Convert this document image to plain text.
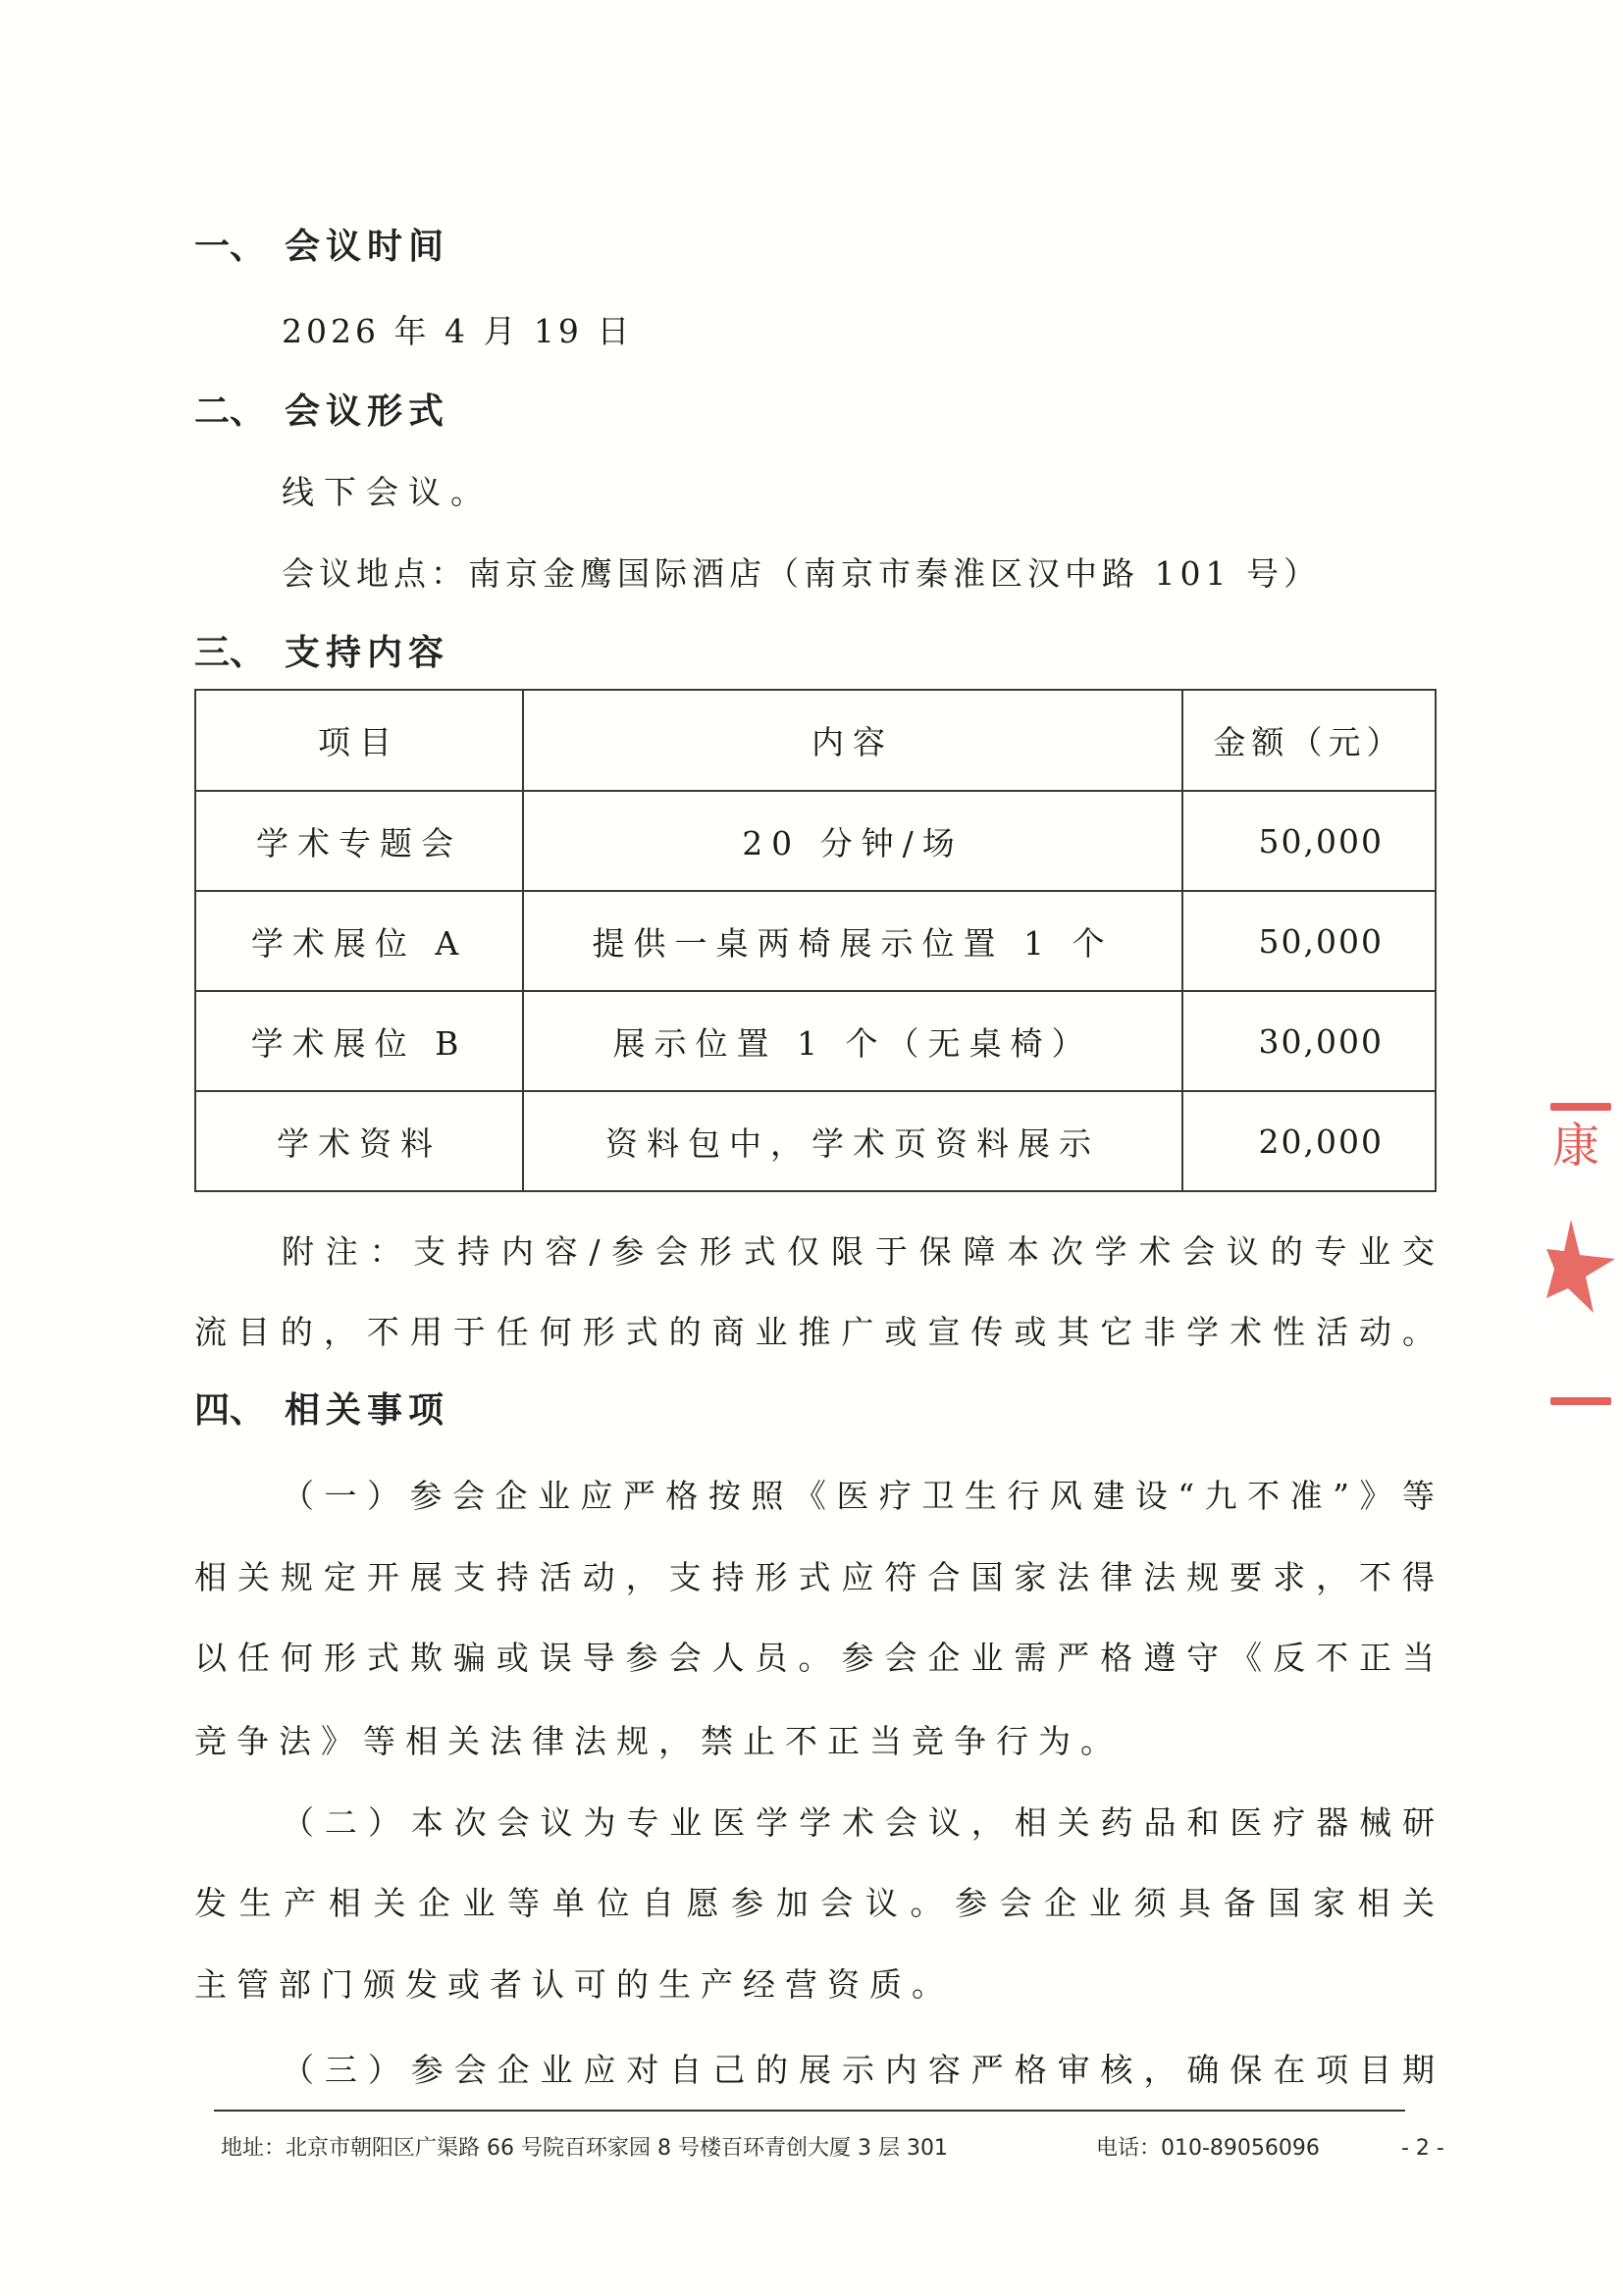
一、 会议时间
2026 年 4 月 19 日
二、 会议形式
线下会议。
会议地点：南京金鹰国际酒店（南京市秦淮区汉中路 101 号）
三、 支持内容
项目	内容	金额（元）
学术专题会	20 分钟/场	50,000
学术展位 A	提供一桌两椅展示位置 1 个	50,000
学术展位 B	展示位置 1 个（无桌椅）	30,000
学术资料	资料包中，学术页资料展示	20,000
附注：支持内容/参会形式仅限于保障本次学术会议的专业交
流目的，不用于任何形式的商业推广或宣传或其它非学术性活动。
四、 相关事项
（一）参会企业应严格按照《医疗卫生行风建设“九不准”》等
相关规定开展支持活动，支持形式应符合国家法律法规要求，不得
以任何形式欺骗或误导参会人员。参会企业需严格遵守《反不正当
竞争法》等相关法律法规，禁止不正当竞争行为。
（二）本次会议为专业医学学术会议，相关药品和医疗器械研
发生产相关企业等单位自愿参加会议。参会企业须具备国家相关
主管部门颁发或者认可的生产经营资质。
（三）参会企业应对自己的展示内容严格审核，确保在项目期
地址：北京市朝阳区广渠路 66 号院百环家园 8 号楼百环青创大厦 3 层 301	电话：010-89056096	- 2 -
康
